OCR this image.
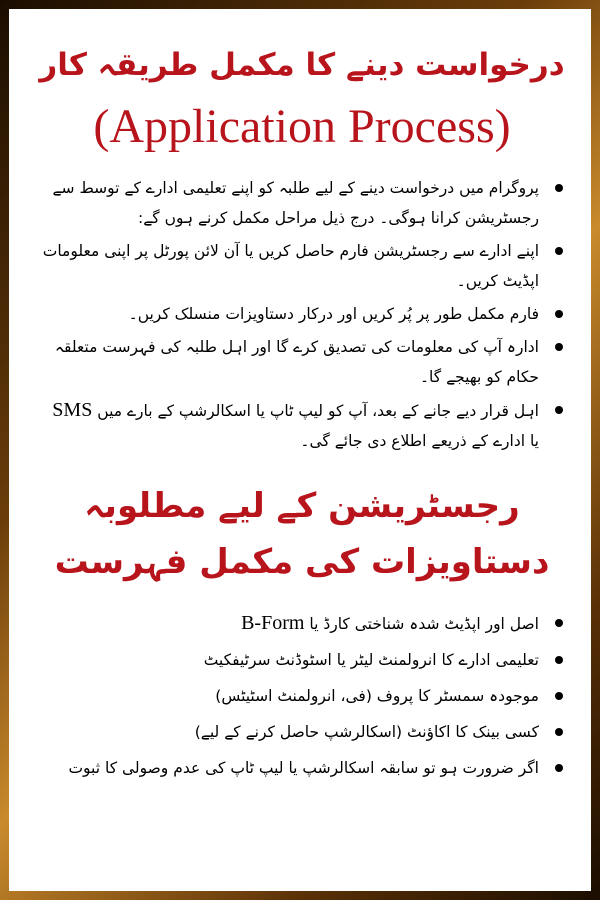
درخواست دینے کا مکمل طریقہ کار
(Application Process)
پروگرام میں درخواست دینے کے لیے طلبہ کو اپنے تعلیمی ادارے کے توسط سے رجسٹریشن کرانا ہوگی۔ درج ذیل مراحل مکمل کرنے ہوں گے:
اپنے ادارے سے رجسٹریشن فارم حاصل کریں یا آن لائن پورٹل پر اپنی معلومات اپڈیٹ کریں۔
فارم مکمل طور پر پُر کریں اور درکار دستاویزات منسلک کریں۔
ادارہ آپ کی معلومات کی تصدیق کرے گا اور اہل طلبہ کی فہرست متعلقہ حکام کو بھیجے گا۔
اہل قرار دیے جانے کے بعد، آپ کو لیپ ٹاپ یا اسکالرشپ کے بارے میں SMS یا ادارے کے ذریعے اطلاع دی جائے گی۔
رجسٹریشن کے لیے مطلوبہ دستاویزات کی مکمل فہرست
اصل اور اپڈیٹ شدہ شناختی کارڈ یا B-Form
تعلیمی ادارے کا انرولمنٹ لیٹر یا اسٹوڈنٹ سرٹیفکیٹ
موجودہ سمسٹر کا پروف (فی، انرولمنٹ اسٹیٹس)
کسی بینک کا اکاؤنٹ (اسکالرشپ حاصل کرنے کے لیے)
اگر ضرورت ہو تو سابقہ اسکالرشپ یا لیپ ٹاپ کی عدم وصولی کا ثبوت
